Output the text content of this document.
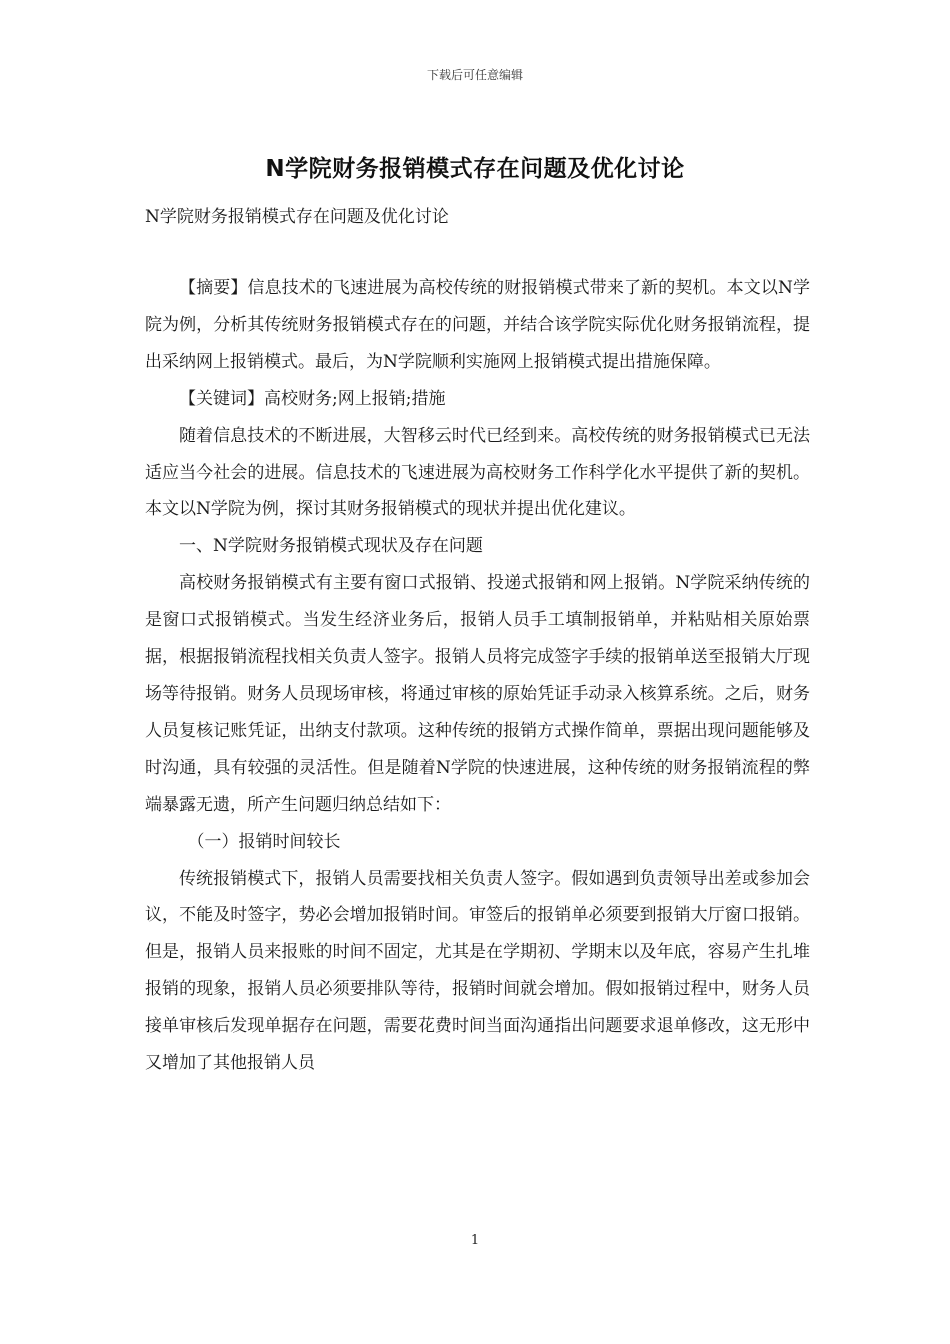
下载后可任意编辑
N学院财务报销模式存在问题及优化讨论

N学院财务报销模式存在问题及优化讨论

【摘要】信息技术的飞速进展为高校传统的财报销模式带来了新的契机。本文以N学院为例，分析其传统财务报销模式存在的问题，并结合该学院实际优化财务报销流程，提出采纳网上报销模式。最后，为N学院顺利实施网上报销模式提出措施保障。

【关键词】高校财务;网上报销;措施

随着信息技术的不断进展，大智移云时代已经到来。高校传统的财务报销模式已无法适应当今社会的进展。信息技术的飞速进展为高校财务工作科学化水平提供了新的契机。本文以N学院为例，探讨其财务报销模式的现状并提出优化建议。

一、N学院财务报销模式现状及存在问题

高校财务报销模式有主要有窗口式报销、投递式报销和网上报销。N学院采纳传统的是窗口式报销模式。当发生经济业务后，报销人员手工填制报销单，并粘贴相关原始票据，根据报销流程找相关负责人签字。报销人员将完成签字手续的报销单送至报销大厅现场等待报销。财务人员现场审核，将通过审核的原始凭证手动录入核算系统。之后，财务人员复核记账凭证，出纳支付款项。这种传统的报销方式操作简单，票据出现问题能够及时沟通，具有较强的灵活性。但是随着N学院的快速进展，这种传统的财务报销流程的弊端暴露无遗，所产生问题归纳总结如下：

（一）报销时间较长

传统报销模式下，报销人员需要找相关负责人签字。假如遇到负责领导出差或参加会议，不能及时签字，势必会增加报销时间。审签后的报销单必须要到报销大厅窗口报销。但是，报销人员来报账的时间不固定，尤其是在学期初、学期末以及年底，容易产生扎堆报销的现象，报销人员必须要排队等待，报销时间就会增加。假如报销过程中，财务人员接单审核后发现单据存在问题，需要花费时间当面沟通指出问题要求退单修改，这无形中又增加了其他报销人员

1
